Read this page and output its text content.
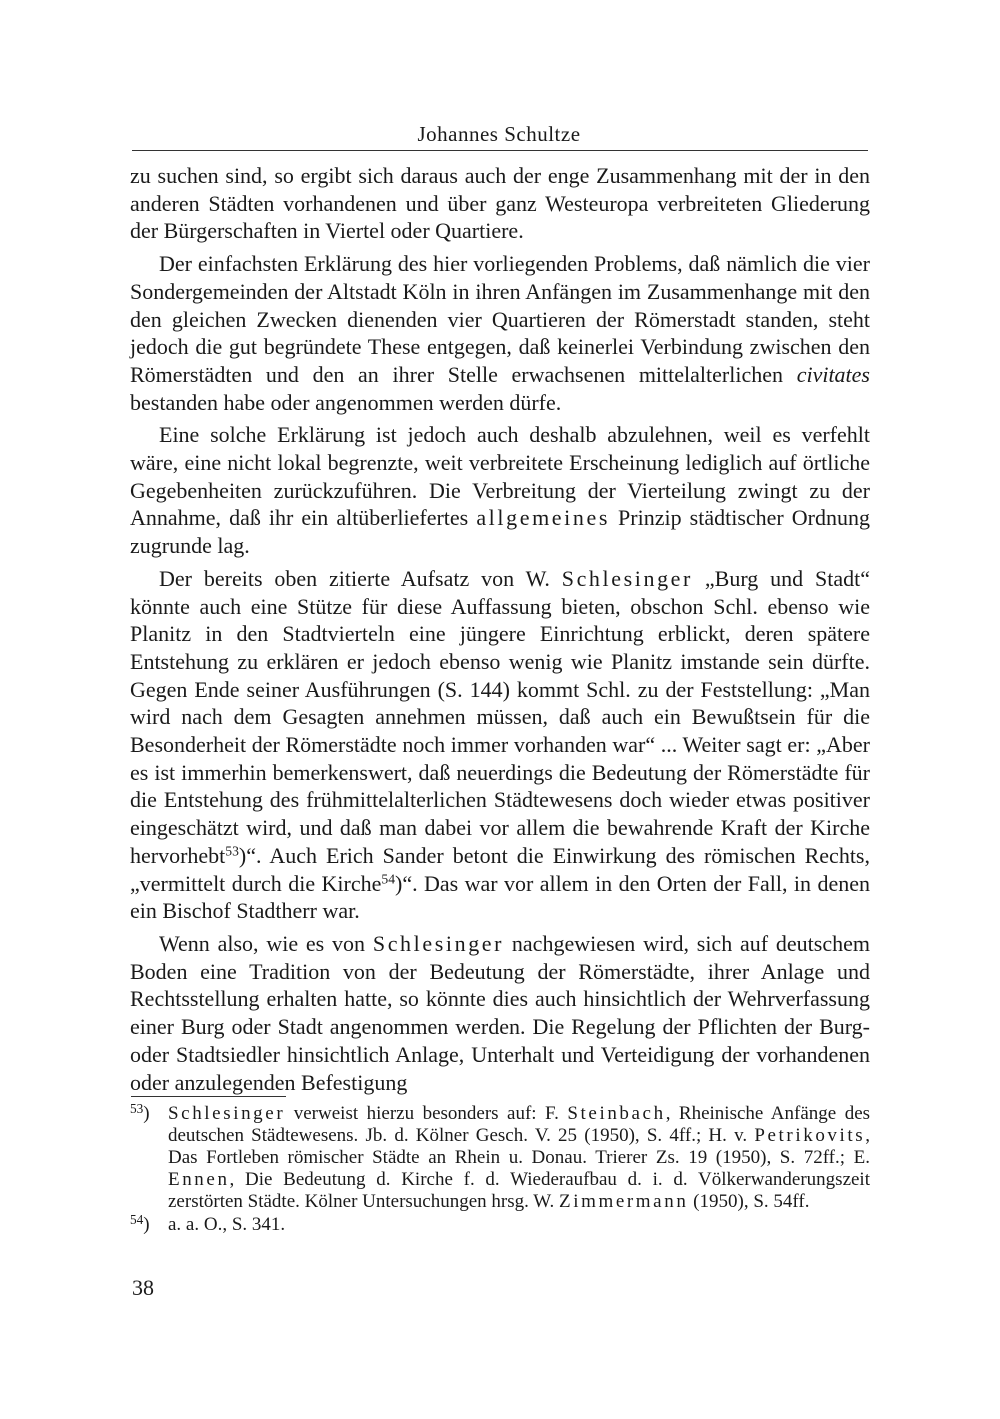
Johannes Schultze

zu suchen sind, so ergibt sich daraus auch der enge Zusammenhang mit der in den anderen Städten vorhandenen und über ganz Westeuropa verbreiteten Gliederung der Bürgerschaften in Viertel oder Quartiere.

Der einfachsten Erklärung des hier vorliegenden Problems, daß nämlich die vier Sondergemeinden der Altstadt Köln in ihren Anfängen im Zusammenhange mit den den gleichen Zwecken dienenden vier Quartieren der Römerstadt standen, steht jedoch die gut begründete These entgegen, daß keinerlei Verbindung zwischen den Römerstädten und den an ihrer Stelle erwachsenen mittelalterlichen civitates bestanden habe oder angenommen werden dürfe.

Eine solche Erklärung ist jedoch auch deshalb abzulehnen, weil es verfehlt wäre, eine nicht lokal begrenzte, weit verbreitete Erscheinung lediglich auf örtliche Gegebenheiten zurückzuführen. Die Verbreitung der Vierteilung zwingt zu der Annahme, daß ihr ein altüberliefertes allgemeines Prinzip städtischer Ordnung zugrunde lag.

Der bereits oben zitierte Aufsatz von W. Schlesinger „Burg und Stadt“ könnte auch eine Stütze für diese Auffassung bieten, obschon Schl. ebenso wie Planitz in den Stadtvierteln eine jüngere Einrichtung erblickt, deren spätere Entstehung zu erklären er jedoch ebenso wenig wie Planitz imstande sein dürfte. Gegen Ende seiner Ausführungen (S. 144) kommt Schl. zu der Feststellung: „Man wird nach dem Gesagten annehmen müssen, daß auch ein Bewußtsein für die Besonderheit der Römerstädte noch immer vorhanden war“ ... Weiter sagt er: „Aber es ist immerhin bemerkenswert, daß neuerdings die Bedeutung der Römerstädte für die Entstehung des frühmittelalterlichen Städtewesens doch wieder etwas positiver eingeschätzt wird, und daß man dabei vor allem die bewahrende Kraft der Kirche hervorhebt$^{53}$)“. Auch Erich Sander betont die Einwirkung des römischen Rechts, „vermittelt durch die Kirche$^{54}$)“. Das war vor allem in den Orten der Fall, in denen ein Bischof Stadtherr war.

Wenn also, wie es von Schlesinger nachgewiesen wird, sich auf deutschem Boden eine Tradition von der Bedeutung der Römerstädte, ihrer Anlage und Rechtsstellung erhalten hatte, so könnte dies auch hinsichtlich der Wehrverfassung einer Burg oder Stadt angenommen werden. Die Regelung der Pflichten der Burg- oder Stadtsiedler hinsichtlich Anlage, Unterhalt und Verteidigung der vorhandenen oder anzulegenden Befestigung

$^{53}$) Schlesinger verweist hierzu besonders auf: F. Steinbach, Rheinische Anfänge des deutschen Städtewesens. Jb. d. Kölner Gesch. V. 25 (1950), S. 4ff.; H. v. Petrikovits, Das Fortleben römischer Städte an Rhein u. Donau. Trierer Zs. 19 (1950), S. 72ff.; E. Ennen, Die Bedeutung d. Kirche f. d. Wiederaufbau d. i. d. Völkerwanderungszeit zerstörten Städte. Kölner Untersuchungen hrsg. W. Zimmermann (1950), S. 54ff.
$^{54}$) a. a. O., S. 341.
38
